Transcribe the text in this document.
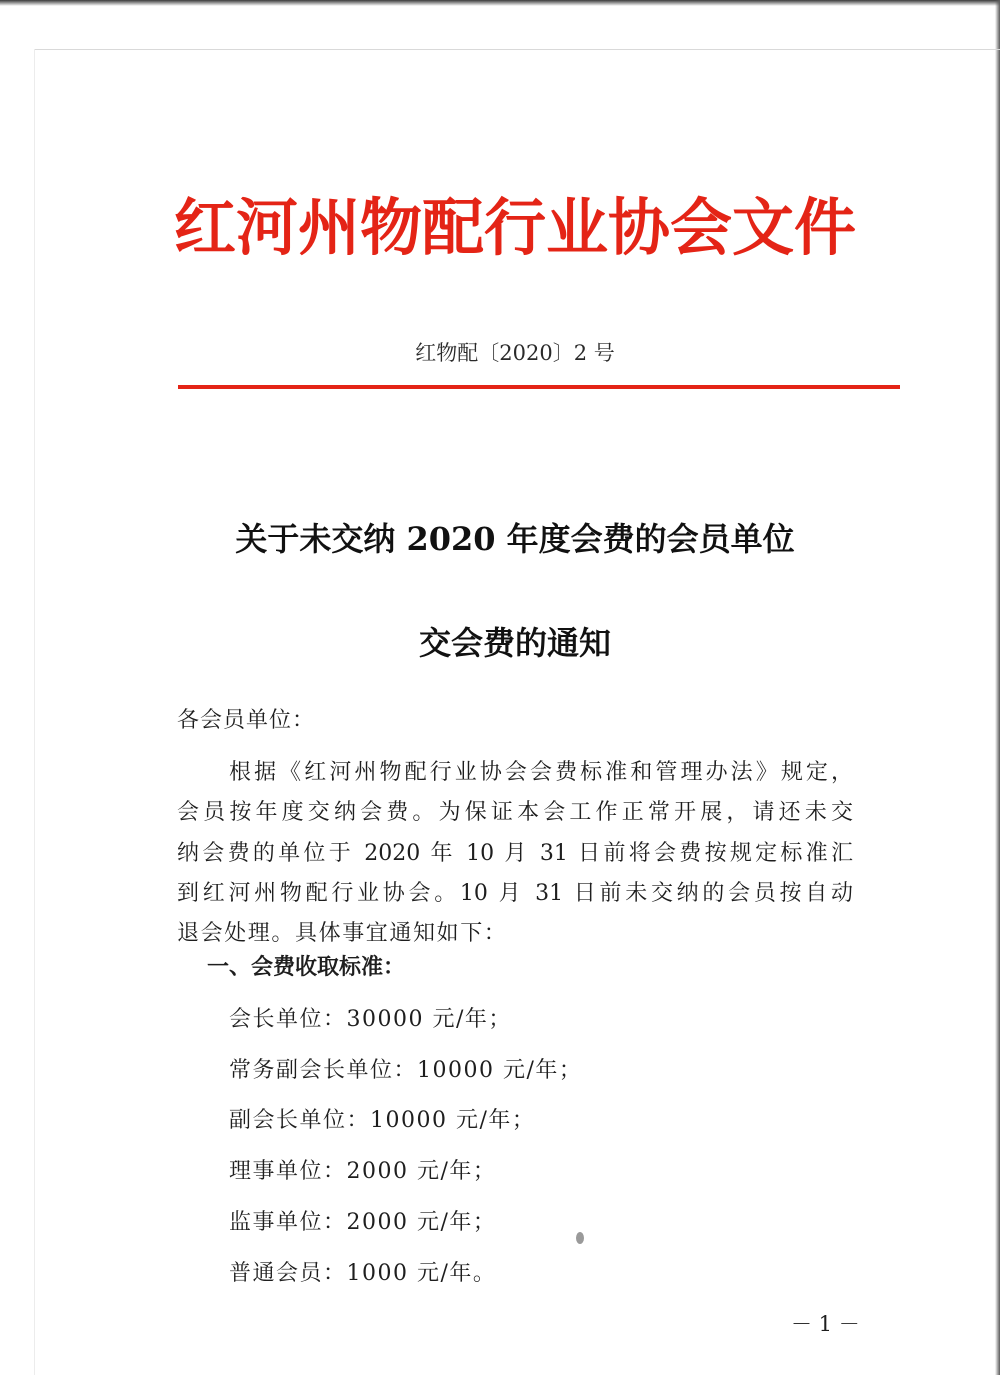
红河州物配行业协会文件
红物配〔2020〕2 号
关于未交纳 2020 年度会费的会员单位
交会费的通知
各会员单位：
根据《红河州物配行业协会会费标准和管理办法》规定，
会员按年度交纳会费。为保证本会工作正常开展，请还未交
纳会费的单位于 2020 年 10 月 31 日前将会费按规定标准汇
到红河州物配行业协会。10 月 31 日前未交纳的会员按自动
退会处理。具体事宜通知如下：
一、会费收取标准：
会长单位：30000 元/年；
常务副会长单位：10000 元/年；
副会长单位：10000 元/年；
理事单位：2000 元/年；
监事单位：2000 元/年；
普通会员：1000 元/年。
－ 1 －
